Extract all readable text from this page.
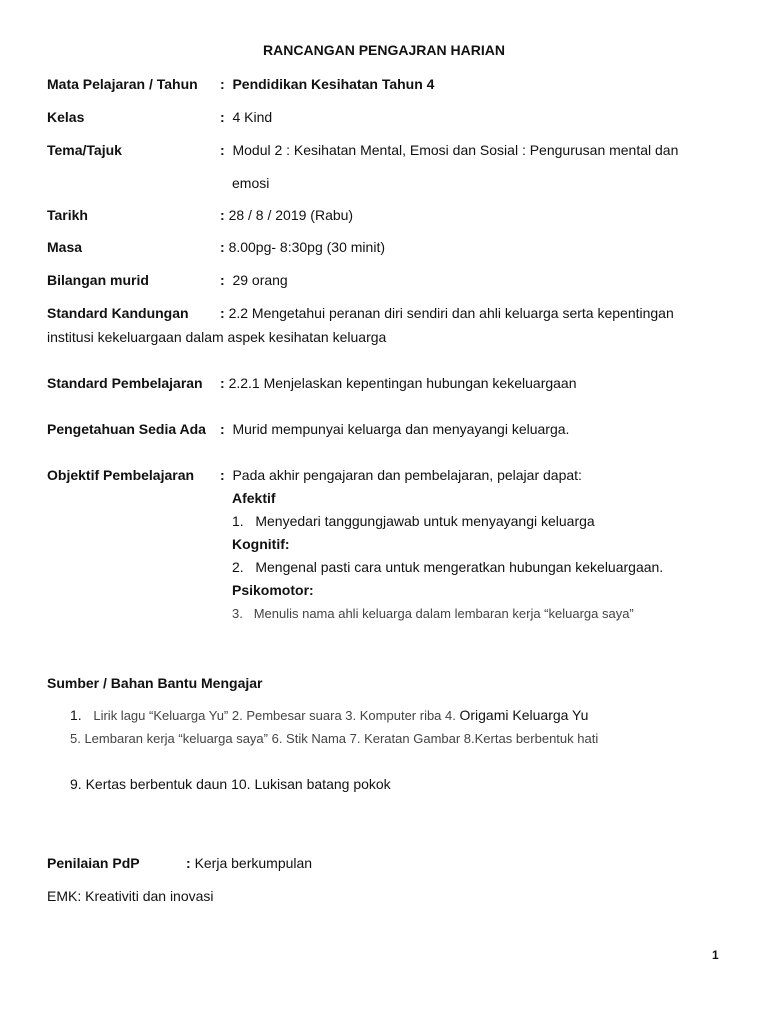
RANCANGAN PENGAJRAN HARIAN
Mata Pelajaran / Tahun :  Pendidikan Kesihatan Tahun 4
Kelas	: 4 Kind
Tema/Tajuk	: Modul 2 : Kesihatan Mental, Emosi dan Sosial : Pengurusan mental dan
emosi
Tarikh	: 28 / 8 / 2019 (Rabu)
Masa	: 8.00pg- 8:30pg (30 minit)
Bilangan murid	: 29 orang
Standard Kandungan : 2.2 Mengetahui peranan diri sendiri dan ahli keluarga serta kepentingan
institusi kekeluargaan dalam aspek kesihatan keluarga
Standard Pembelajaran : 2.2.1 Menjelaskan kepentingan hubungan kekeluargaan
Pengetahuan Sedia Ada : Murid mempunyai keluarga dan menyayangi keluarga.
Objektif Pembelajaran : Pada akhir pengajaran dan pembelajaran, pelajar dapat:
Afektif
1. Menyedari tanggungjawab untuk menyayangi keluarga
Kognitif:
2. Mengenal pasti cara untuk mengeratkan hubungan kekeluargaan.
Psikomotor:
3. Menulis nama ahli keluarga dalam lembaran kerja “keluarga saya”
Sumber / Bahan Bantu Mengajar
1. Lirik lagu “Keluarga Yu” 2. Pembesar suara 3. Komputer riba 4. Origami Keluarga Yu
5. Lembaran kerja “keluarga saya” 6. Stik Nama 7. Keratan Gambar 8.Kertas berbentuk hati
9. Kertas berbentuk daun 10. Lukisan batang pokok
Penilaian PdP	: Kerja berkumpulan
EMK: Kreativiti dan inovasi
1
